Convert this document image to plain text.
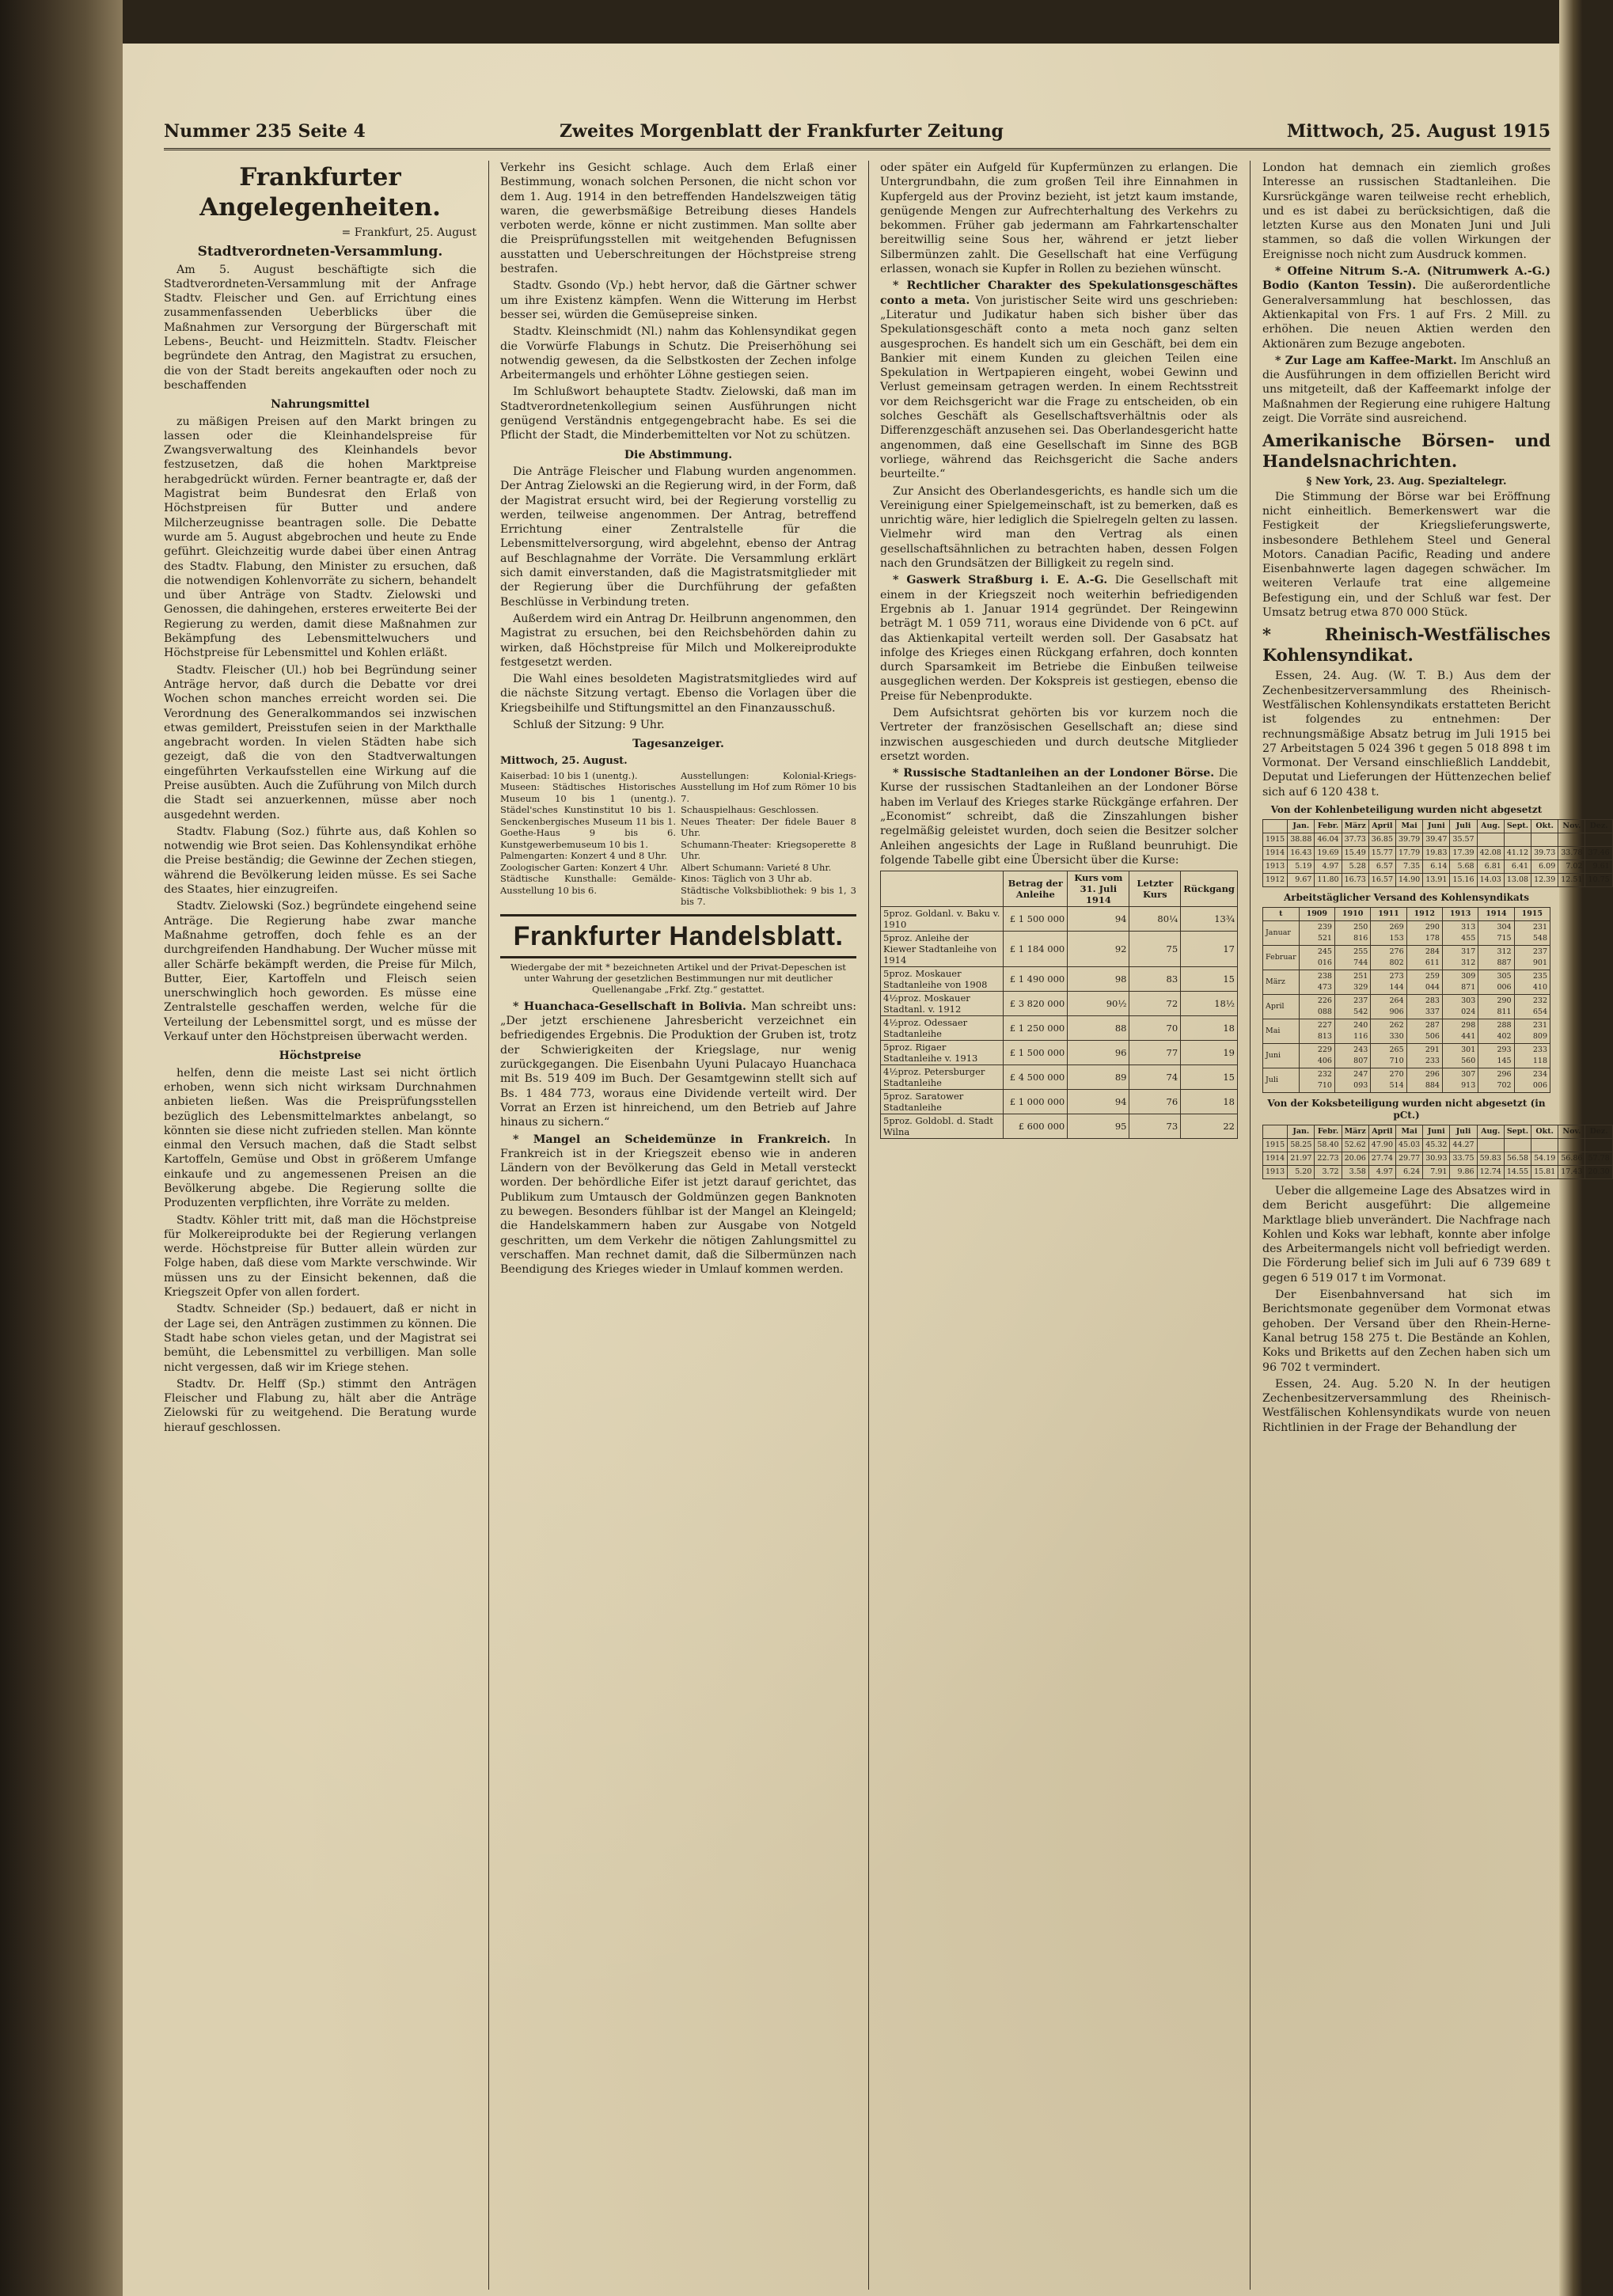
Nummer 235 Seite 4	Zweites Morgenblatt der Frankfurter Zeitung	Mittwoch, 25. August 1915
Frankfurter Angelegenheiten.
= Frankfurt, 25. August
Stadtverordneten-Versammlung.

Am 5. August beschäftigte sich die Stadtverordneten-Versammlung mit der Anfrage Stadtv. Fleischer und Gen. auf Errichtung eines zusammenfassenden Ueberblicks über die Maßnahmen zur Versorgung der Bürgerschaft mit Lebens-, Beucht- und Heizmitteln. Stadtv. Fleischer begründete den Antrag, den Magistrat zu ersuchen, die von der Stadt bereits angekauften oder noch zu beschaffenden

Nahrungsmittel

zu mäßigen Preisen auf den Markt bringen zu lassen oder die Kleinhandelspreise für Zwangsverwaltung des Kleinhandels bevor festzusetzen, daß die hohen Marktpreise herabgedrückt würden. Ferner beantragte er, daß der Magistrat beim Bundesrat den Erlaß von Höchstpreisen für Butter und andere Milcherzeugnisse beantragen solle. Die Debatte wurde am 5. August abgebrochen und heute zu Ende geführt. Gleichzeitig wurde dabei über einen Antrag des Stadtv. Flabung, den Minister zu ersuchen, daß die notwendigen Kohlenvorräte zu sichern, behandelt und über Anträge von Stadtv. Zielowski und Genossen, die dahingehen, ersteres erweiterte Bei der Regierung zu werden, damit diese Maßnahmen zur Bekämpfung des Lebensmittelwuchers und Höchstpreise für Lebensmittel und Kohlen erläßt.

Stadtv. Fleischer (Ul.) hob bei Begründung seiner Anträge hervor, daß durch die Debatte vor drei Wochen schon manches erreicht worden sei. Die Verordnung des Generalkommandos sei inzwischen etwas gemildert, Preisstufen seien in der Markthalle angebracht worden. In vielen Städten habe sich gezeigt, daß die von den Stadtverwaltungen eingeführten Verkaufsstellen eine Wirkung auf die Preise ausübten. Auch die Zuführung von Milch durch die Stadt sei anzuerkennen, müsse aber noch ausgedehnt werden.

Stadtv. Flabung (Soz.) führte aus, daß Kohlen so notwendig wie Brot seien. Das Kohlensyndikat erhöhe die Preise beständig; die Gewinne der Zechen stiegen, während die Bevölkerung leiden müsse. Es sei Sache des Staates, hier einzugreifen.

Stadtv. Zielowski (Soz.) begründete eingehend seine Anträge. Die Regierung habe zwar manche Maßnahme getroffen, doch fehle es an der durchgreifenden Handhabung. Der Wucher müsse mit aller Schärfe bekämpft werden, die Preise für Milch, Butter, Eier, Kartoffeln und Fleisch seien unerschwinglich hoch geworden. Es müsse eine Zentralstelle geschaffen werden, welche für die Verteilung der Lebensmittel sorgt, und es müsse der Verkauf unter den Höchstpreisen überwacht werden.

Höchstpreise

helfen, denn die meiste Last sei nicht örtlich erhoben, wenn sich nicht wirksam Durchnahmen anbieten ließen. Was die Preisprüfungsstellen bezüglich des Lebensmittelmarktes anbelangt, so könnten sie diese nicht zufrieden stellen. Man könnte einmal den Versuch machen, daß die Stadt selbst Kartoffeln, Gemüse und Obst in größerem Umfange einkaufe und zu angemessenen Preisen an die Bevölkerung abgebe. Die Regierung sollte die Produzenten verpflichten, ihre Vorräte zu melden.

Stadtv. Köhler tritt mit, daß man die Höchstpreise für Molkereiprodukte bei der Regierung verlangen werde. Höchstpreise für Butter allein würden zur Folge haben, daß diese vom Markte verschwinde. Wir müssen uns zu der Einsicht bekennen, daß die Kriegszeit Opfer von allen fordert.

Stadtv. Schneider (Sp.) bedauert, daß er nicht in der Lage sei, den Anträgen zustimmen zu können. Die Stadt habe schon vieles getan, und der Magistrat sei bemüht, die Lebensmittel zu verbilligen. Man solle nicht vergessen, daß wir im Kriege stehen.

Stadtv. Dr. Helff (Sp.) stimmt den Anträgen Fleischer und Flabung zu, hält aber die Anträge Zielowski für zu weitgehend. Die Beratung wurde hierauf geschlossen.

Verkehr ins Gesicht schlage. Auch dem Erlaß einer Bestimmung, wonach solchen Personen, die nicht schon vor dem 1. Aug. 1914 in den betreffenden Handelszweigen tätig waren, die gewerbsmäßige Betreibung dieses Handels verboten werde, könne er nicht zustimmen. Man sollte aber die Preisprüfungsstellen mit weitgehenden Befugnissen ausstatten und Ueberschreitungen der Höchstpreise streng bestrafen.

Stadtv. Gsondo (Vp.) hebt hervor, daß die Gärtner schwer um ihre Existenz kämpfen. Wenn die Witterung im Herbst besser sei, würden die Gemüsepreise sinken.

Stadtv. Kleinschmidt (Nl.) nahm das Kohlensyndikat gegen die Vorwürfe Flabungs in Schutz. Die Preiserhöhung sei notwendig gewesen, da die Selbstkosten der Zechen infolge Arbeitermangels und erhöhter Löhne gestiegen seien.

Im Schlußwort behauptete Stadtv. Zielowski, daß man im Stadtverordnetenkollegium seinen Ausführungen nicht genügend Verständnis entgegengebracht habe. Es sei die Pflicht der Stadt, die Minderbemittelten vor Not zu schützen.

Die Abstimmung.

Die Anträge Fleischer und Flabung wurden angenommen. Der Antrag Zielowski an die Regierung wird, in der Form, daß der Magistrat ersucht wird, bei der Regierung vorstellig zu werden, teilweise angenommen. Der Antrag, betreffend Errichtung einer Zentralstelle für die Lebensmittelversorgung, wird abgelehnt, ebenso der Antrag auf Beschlagnahme der Vorräte. Die Versammlung erklärt sich damit einverstanden, daß die Magistratsmitglieder mit der Regierung über die Durchführung der gefaßten Beschlüsse in Verbindung treten.

Außerdem wird ein Antrag Dr. Heilbrunn angenommen, den Magistrat zu ersuchen, bei den Reichsbehörden dahin zu wirken, daß Höchstpreise für Milch und Molkereiprodukte festgesetzt werden.

Die Wahl eines besoldeten Magistratsmitgliedes wird auf die nächste Sitzung vertagt. Ebenso die Vorlagen über die Kriegsbeihilfe und Stiftungsmittel an den Finanzausschuß.

Schluß der Sitzung: 9 Uhr.

Tagesanzeiger.
Mittwoch, 25. August.
Kaiserbad: 10 bis 1 (unentg.).
Museen: Städtisches Historisches Museum 10 bis 1 (unentg.). Städel'sches Kunstinstitut 10 bis 1. Senckenbergisches Museum 11 bis 1. Goethe-Haus 9 bis 6. Kunstgewerbemuseum 10 bis 1.
Palmengarten: Konzert 4 und 8 Uhr.
Zoologischer Garten: Konzert 4 Uhr.
Städtische Kunsthalle: Gemälde-Ausstellung 10 bis 6.
Ausstellungen: Kolonial-Kriegs-Ausstellung im Hof zum Römer 10 bis 7.
Schauspielhaus: Geschlossen.
Neues Theater: Der fidele Bauer 8 Uhr.
Schumann-Theater: Kriegsoperette 8 Uhr.
Albert Schumann: Varieté 8 Uhr.
Kinos: Täglich von 3 Uhr ab.
Städtische Volksbibliothek: 9 bis 1, 3 bis 7.
Frankfurter Handelsblatt.
Wiedergabe der mit * bezeichneten Artikel und der Privat-Depeschen ist unter Wahrung der gesetzlichen Bestimmungen nur mit deutlicher Quellenangabe „Frkf. Ztg.“ gestattet.

* Huanchaca-Gesellschaft in Bolivia. Man schreibt uns: „Der jetzt erschienene Jahresbericht verzeichnet ein befriedigendes Ergebnis. Die Produktion der Gruben ist, trotz der Schwierigkeiten der Kriegslage, nur wenig zurückgegangen. Die Eisenbahn Uyuni Pulacayo Huanchaca mit Bs. 519 409 im Buch. Der Gesamtgewinn stellt sich auf Bs. 1 484 773, woraus eine Dividende verteilt wird. Der Vorrat an Erzen ist hinreichend, um den Betrieb auf Jahre hinaus zu sichern.“

* Mangel an Scheidemünze in Frankreich. In Frankreich ist in der Kriegszeit ebenso wie in anderen Ländern von der Bevölkerung das Geld in Metall versteckt worden. Der behördliche Eifer ist jetzt darauf gerichtet, das Publikum zum Umtausch der Goldmünzen gegen Banknoten zu bewegen. Besonders fühlbar ist der Mangel an Kleingeld; die Handelskammern haben zur Ausgabe von Notgeld geschritten, um dem Verkehr die nötigen Zahlungsmittel zu verschaffen. Man rechnet damit, daß die Silbermünzen nach Beendigung des Krieges wieder in Umlauf kommen werden.

oder später ein Aufgeld für Kupfermünzen zu erlangen. Die Untergrundbahn, die zum großen Teil ihre Einnahmen in Kupfergeld aus der Provinz bezieht, ist jetzt kaum imstande, genügende Mengen zur Aufrechterhaltung des Verkehrs zu bekommen. Früher gab jedermann am Fahrkartenschalter bereitwillig seine Sous her, während er jetzt lieber Silbermünzen zahlt. Die Gesellschaft hat eine Verfügung erlassen, wonach sie Kupfer in Rollen zu beziehen wünscht.

* Rechtlicher Charakter des Spekulationsgeschäftes conto a meta. Von juristischer Seite wird uns geschrieben: „Literatur und Judikatur haben sich bisher über das Spekulationsgeschäft conto a meta noch ganz selten ausgesprochen. Es handelt sich um ein Geschäft, bei dem ein Bankier mit einem Kunden zu gleichen Teilen eine Spekulation in Wertpapieren eingeht, wobei Gewinn und Verlust gemeinsam getragen werden. In einem Rechtsstreit vor dem Reichsgericht war die Frage zu entscheiden, ob ein solches Geschäft als Gesellschaftsverhältnis oder als Differenzgeschäft anzusehen sei. Das Oberlandesgericht hatte angenommen, daß eine Gesellschaft im Sinne des BGB vorliege, während das Reichsgericht die Sache anders beurteilte.“

Zur Ansicht des Oberlandesgerichts, es handle sich um die Vereinigung einer Spielgemeinschaft, ist zu bemerken, daß es unrichtig wäre, hier lediglich die Spielregeln gelten zu lassen. Vielmehr wird man den Vertrag als einen gesellschaftsähnlichen zu betrachten haben, dessen Folgen nach den Grundsätzen der Billigkeit zu regeln sind.

* Gaswerk Straßburg i. E. A.-G. Die Gesellschaft mit einem in der Kriegszeit noch weiterhin befriedigenden Ergebnis ab 1. Januar 1914 gegründet. Der Reingewinn beträgt M. 1 059 711, woraus eine Dividende von 6 pCt. auf das Aktienkapital verteilt werden soll. Der Gasabsatz hat infolge des Krieges einen Rückgang erfahren, doch konnten durch Sparsamkeit im Betriebe die Einbußen teilweise ausgeglichen werden. Der Kokspreis ist gestiegen, ebenso die Preise für Nebenprodukte.

Dem Aufsichtsrat gehörten bis vor kurzem noch die Vertreter der französischen Gesellschaft an; diese sind inzwischen ausgeschieden und durch deutsche Mitglieder ersetzt worden.

* Russische Stadtanleihen an der Londoner Börse. Die Kurse der russischen Stadtanleihen an der Londoner Börse haben im Verlauf des Krieges starke Rückgänge erfahren. Der „Economist“ schreibt, daß die Zinszahlungen bisher regelmäßig geleistet wurden, doch seien die Besitzer solcher Anleihen angesichts der Lage in Rußland beunruhigt. Die folgende Tabelle gibt eine Übersicht über die Kurse:

	Betrag der Anleihe	Kurs vom 31. Juli 1914	Letzter Kurs	Rückgang
5proz. Goldanl. v. Baku v. 1910	£ 1 500 000	94	80¼	13¾
5proz. Anleihe der Kiewer Stadtanleihe von 1914	£ 1 184 000	92	75	17
5proz. Moskauer Stadtanleihe von 1908	£ 1 490 000	98	83	15
4½proz. Moskauer Stadtanl. v. 1912	£ 3 820 000	90½	72	18½
4½proz. Odessaer Stadtanleihe	£ 1 250 000	88	70	18
5proz. Rigaer Stadtanleihe v. 1913	£ 1 500 000	96	77	19
4½proz. Petersburger Stadtanleihe	£ 4 500 000	89	74	15
5proz. Saratower Stadtanleihe	£ 1 000 000	94	76	18
5proz. Goldobl. d. Stadt Wilna	£ 600 000	95	73	22

London hat demnach ein ziemlich großes Interesse an russischen Stadtanleihen. Die Kursrückgänge waren teilweise recht erheblich, und es ist dabei zu berücksichtigen, daß die letzten Kurse aus den Monaten Juni und Juli stammen, so daß die vollen Wirkungen der Ereignisse noch nicht zum Ausdruck kommen.

* Offeine Nitrum S.-A. (Nitrumwerk A.-G.) Bodio (Kanton Tessin). Die außerordentliche Generalversammlung hat beschlossen, das Aktienkapital von Frs. 1 auf Frs. 2 Mill. zu erhöhen. Die neuen Aktien werden den Aktionären zum Bezuge angeboten.

* Zur Lage am Kaffee-Markt. Im Anschluß an die Ausführungen in dem offiziellen Bericht wird uns mitgeteilt, daß der Kaffeemarkt infolge der Maßnahmen der Regierung eine ruhigere Haltung zeigt. Die Vorräte sind ausreichend.

Amerikanische Börsen- und Handelsnachrichten.
§ New York, 23. Aug. Spezialtelegr.

Die Stimmung der Börse war bei Eröffnung nicht einheitlich. Bemerkenswert war die Festigkeit der Kriegslieferungswerte, insbesondere Bethlehem Steel und General Motors. Canadian Pacific, Reading und andere Eisenbahnwerte lagen dagegen schwächer. Im weiteren Verlaufe trat eine allgemeine Befestigung ein, und der Schluß war fest. Der Umsatz betrug etwa 870 000 Stück.

* Rheinisch-Westfälisches Kohlensyndikat.

Essen, 24. Aug. (W. T. B.) Aus dem der Zechenbesitzerversammlung des Rheinisch-Westfälischen Kohlensyndikats erstatteten Bericht ist folgendes zu entnehmen: Der rechnungsmäßige Absatz betrug im Juli 1915 bei 27 Arbeitstagen 5 024 396 t gegen 5 018 898 t im Vormonat. Der Versand einschließlich Landdebit, Deputat und Lieferungen der Hüttenzechen belief sich auf 6 120 438 t.

Von der Kohlenbeteiligung wurden nicht abgesetzt
	Jan.	Febr.	März	April	Mai	Juni	Juli	Aug.	Sept.	Okt.	Nov.	Dez.
1915	38.88	46.04	37.73	36.85	39.79	39.47	35.57					
1914	16.43	19.69	15.49	15.77	17.79	19.83	17.39	42.08	41.12	39.73	33.78	37.46
1913	5.19	4.97	5.28	6.57	7.35	6.14	5.68	6.81	6.41	6.09	7.02	9.61
1912	9.67	11.80	16.73	16.57	14.90	13.91	15.16	14.03	13.08	12.39	12.51	10.75
Arbeitstäglicher Versand des Kohlensyndikats
t	1909	1910	1911	1912	1913	1914	1915
Januar	239 521	250 816	269 153	290 178	313 455	304 715	231 548
Februar	245 016	255 744	276 802	284 611	317 312	312 887	237 901
März	238 473	251 329	273 144	259 044	309 871	305 006	235 410
April	226 088	237 542	264 906	283 337	303 024	290 811	232 654
Mai	227 813	240 116	262 330	287 506	298 441	288 402	231 809
Juni	229 406	243 807	265 710	291 233	301 560	293 145	233 118
Juli	232 710	247 093	270 514	296 884	307 913	296 702	234 006
Von der Koksbeteiligung wurden nicht abgesetzt (in pCt.)
	Jan.	Febr.	März	April	Mai	Juni	Juli	Aug.	Sept.	Okt.	Nov.	Dez.
1915	58.25	58.40	52.62	47.90	45.03	45.32	44.27					
1914	21.97	22.73	20.06	27.74	29.77	30.93	33.75	59.83	56.58	54.19	56.86	57.78
1913	5.20	3.72	3.58	4.97	6.24	7.91	9.86	12.74	14.55	15.81	17.43	20.30

Ueber die allgemeine Lage des Absatzes wird in dem Bericht ausgeführt: Die allgemeine Marktlage blieb unverändert. Die Nachfrage nach Kohlen und Koks war lebhaft, konnte aber infolge des Arbeitermangels nicht voll befriedigt werden. Die Förderung belief sich im Juli auf 6 739 689 t gegen 6 519 017 t im Vormonat.

Der Eisenbahnversand hat sich im Berichtsmonate gegenüber dem Vormonat etwas gehoben. Der Versand über den Rhein-Herne-Kanal betrug 158 275 t. Die Bestände an Kohlen, Koks und Briketts auf den Zechen haben sich um 96 702 t vermindert.

Essen, 24. Aug. 5.20 N. In der heutigen Zechenbesitzerversammlung des Rheinisch-Westfälischen Kohlensyndikats wurde von neuen Richtlinien in der Frage der Behandlung der
